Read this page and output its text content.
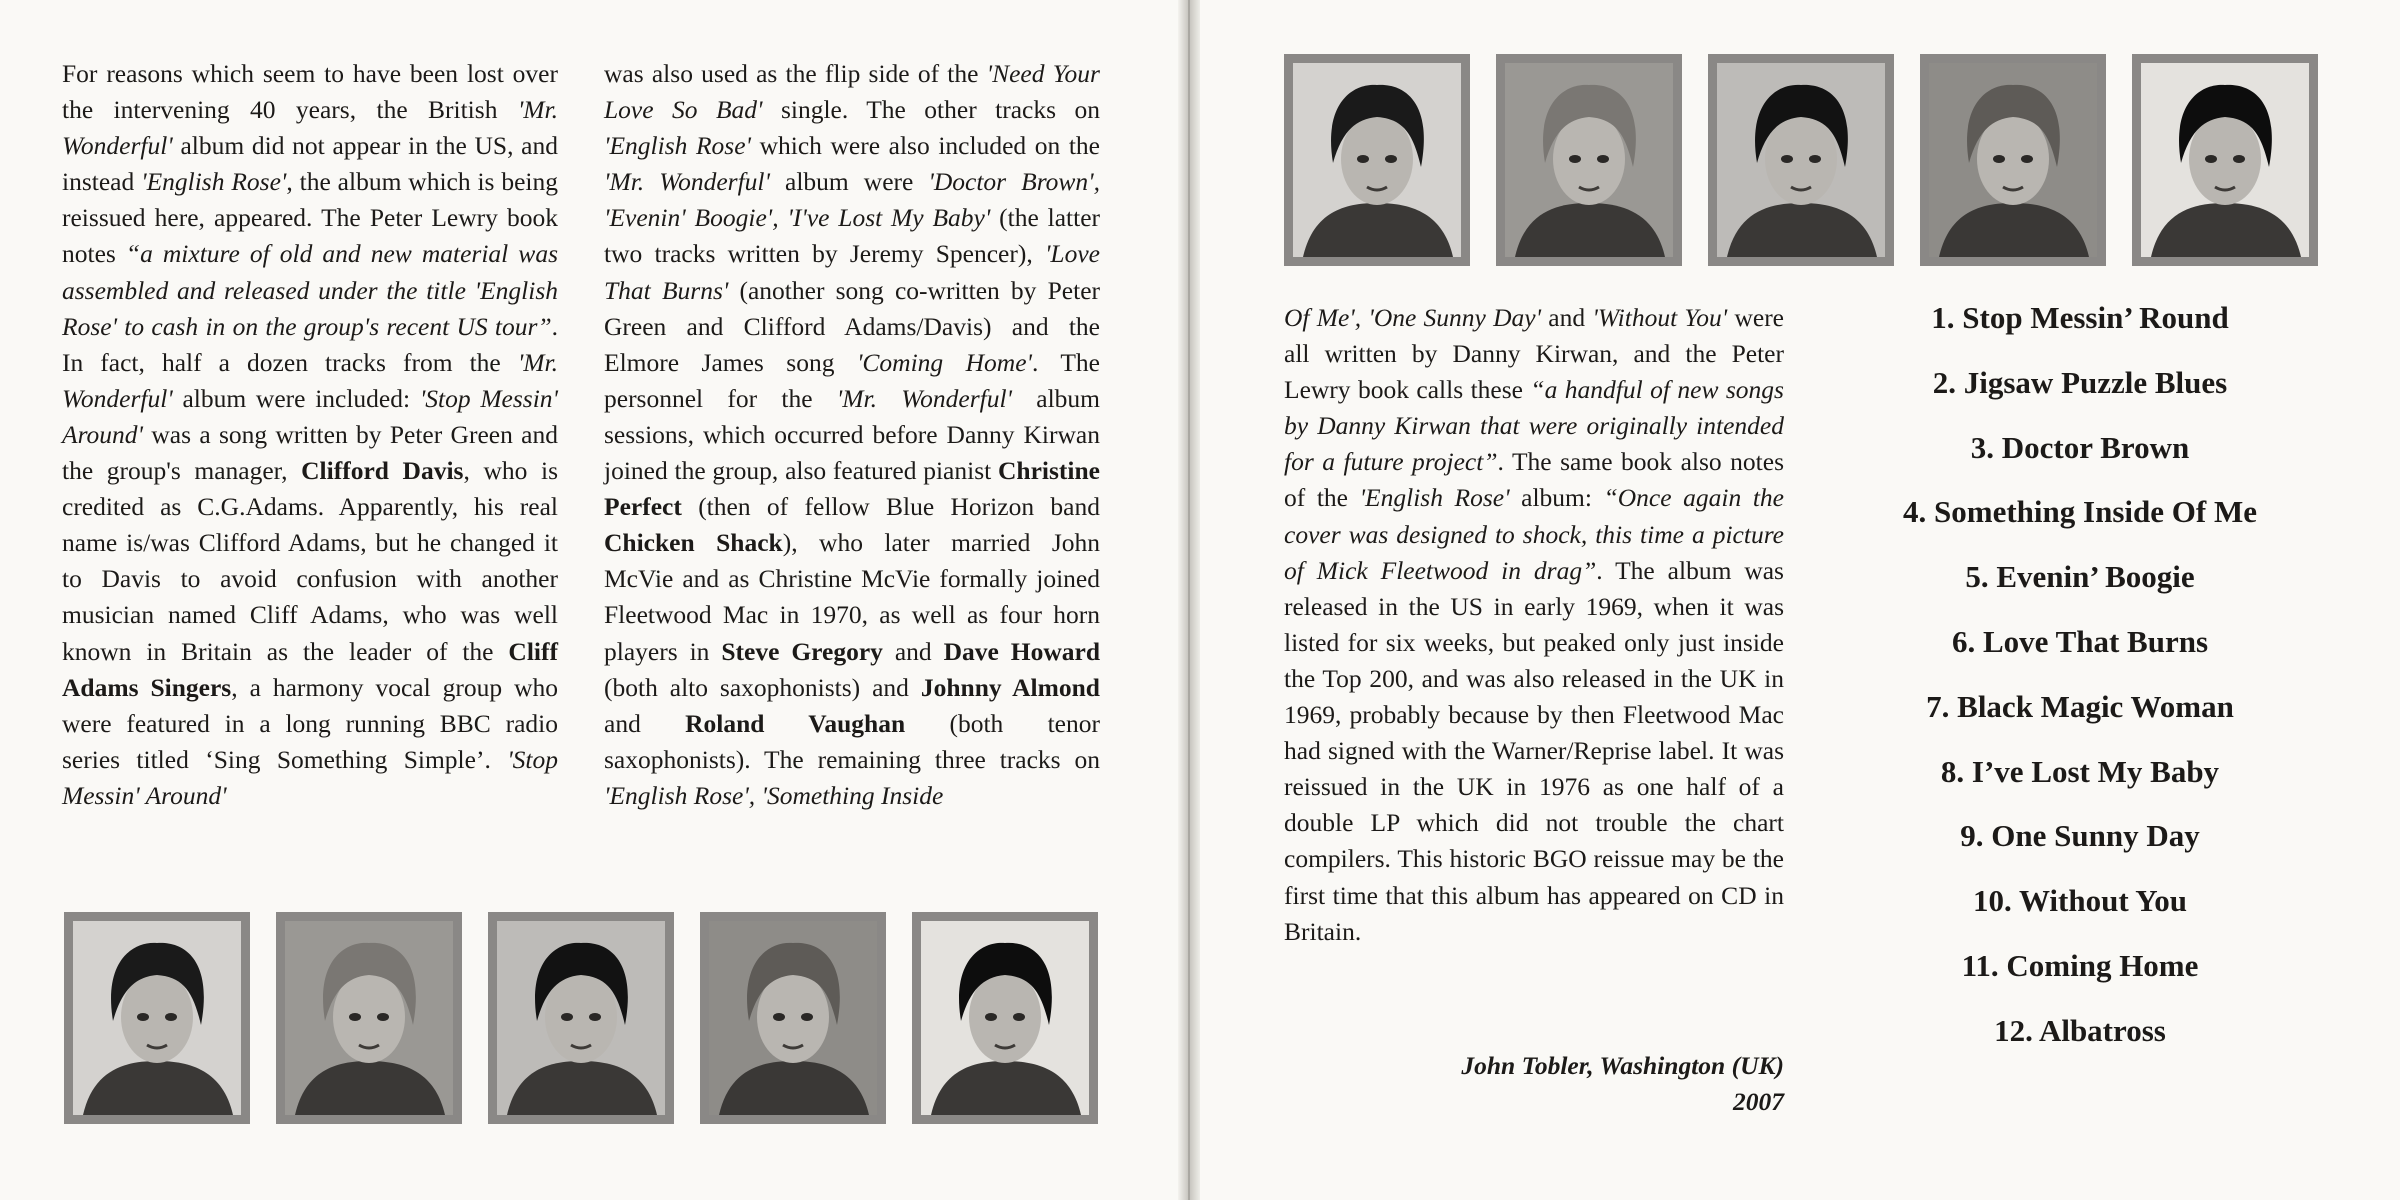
For reasons which seem to have been lost over the intervening 40 years, the British 'Mr. Wonderful' album did not appear in the US, and instead 'English Rose', the album which is being reissued here, appeared. The Peter Lewry book notes “a mixture of old and new material was assembled and released under the title 'English Rose' to cash in on the group's recent US tour”. In fact, half a dozen tracks from the 'Mr. Wonderful' album were included: 'Stop Messin' Around' was a song written by Peter Green and the group's manager, Clifford Davis, who is credited as C.G.Adams. Apparently, his real name is/was Clifford Adams, but he changed it to Davis to avoid confusion with another musician named Cliff Adams, who was well known in Britain as the leader of the Cliff Adams Singers, a harmony vocal group who were featured in a long running BBC radio series titled ‘Sing Something Simple’. 'Stop Messin' Around'

was also used as the flip side of the 'Need Your Love So Bad' single. The other tracks on 'English Rose' which were also included on the 'Mr. Wonderful' album were 'Doctor Brown', 'Evenin' Boogie', 'I've Lost My Baby' (the latter two tracks written by Jeremy Spencer), 'Love That Burns' (another song co-written by Peter Green and Clifford Adams/Davis) and the Elmore James song 'Coming Home'. The personnel for the 'Mr. Wonderful' album sessions, which occurred before Danny Kirwan joined the group, also featured pianist Christine Perfect (then of fellow Blue Horizon band Chicken Shack), who later married John McVie and as Christine McVie formally joined Fleetwood Mac in 1970, as well as four horn players in Steve Gregory and Dave Howard (both alto saxophonists) and Johnny Almond and Roland Vaughan (both tenor saxophonists). The remaining three tracks on 'English Rose', 'Something Inside

Of Me', 'One Sunny Day' and 'Without You' were all written by Danny Kirwan, and the Peter Lewry book calls these “a handful of new songs by Danny Kirwan that were originally intended for a future project”. The same book also notes of the 'English Rose' album: “Once again the cover was designed to shock, this time a picture of Mick Fleetwood in drag”. The album was released in the US in early 1969, when it was listed for six weeks, but peaked only just inside the Top 200, and was also released in the UK in 1969, probably because by then Fleetwood Mac had signed with the Warner/Reprise label. It was reissued in the UK in 1976 as one half of a double LP which did not trouble the chart compilers. This historic BGO reissue may be the first time that this album has appeared on CD in Britain.

John Tobler, Washington (UK)
2007
1. Stop Messin’ Round
2. Jigsaw Puzzle Blues
3. Doctor Brown
4. Something Inside Of Me
5. Evenin’ Boogie
6. Love That Burns
7. Black Magic Woman
8. I’ve Lost My Baby
9. One Sunny Day
10. Without You
11. Coming Home
12. Albatross
